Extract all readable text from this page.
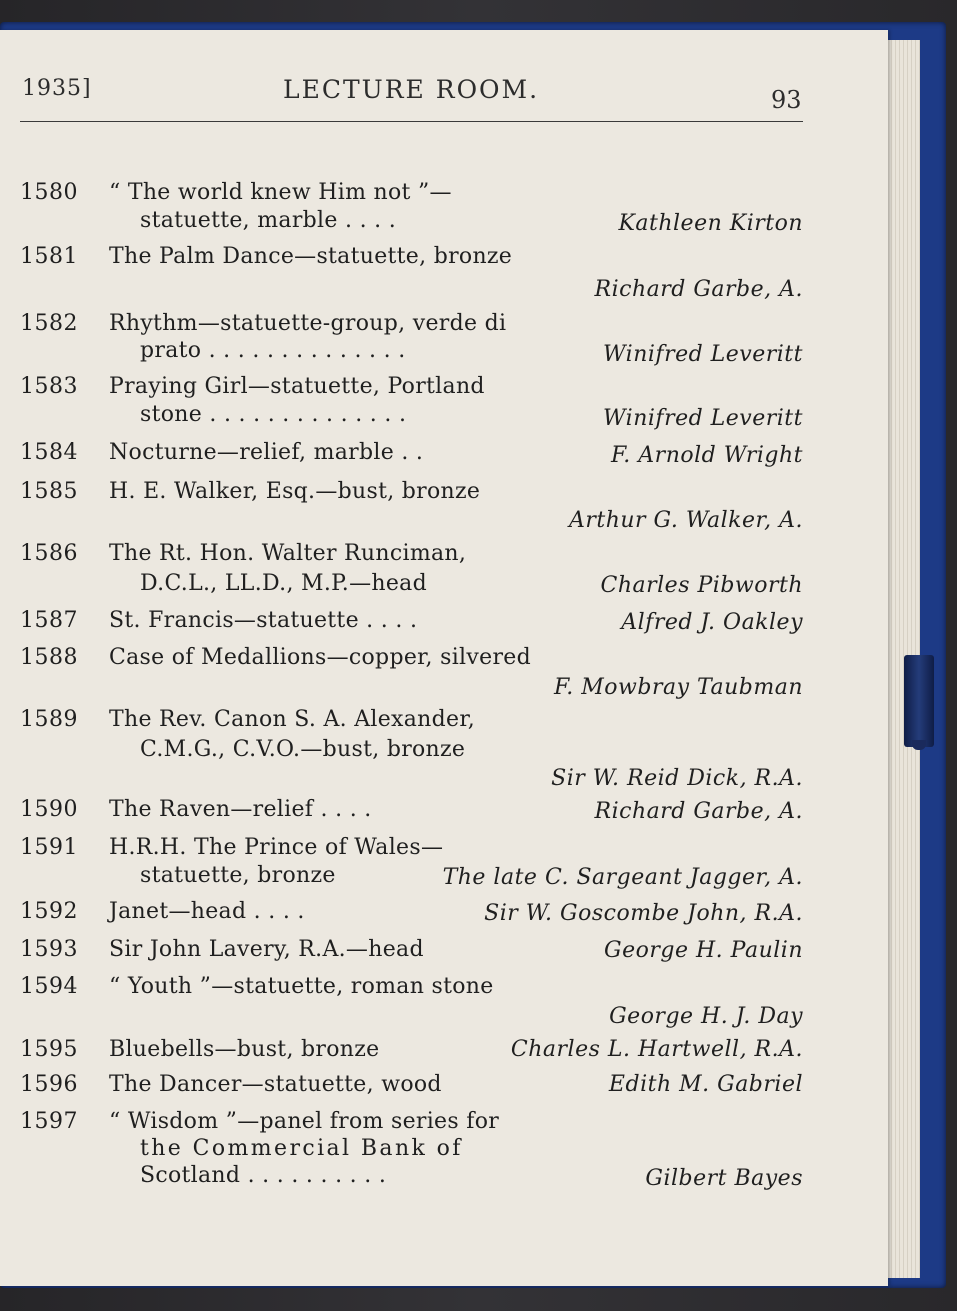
1935]	LECTURE ROOM.	93
1580 “ The world knew Him not ”—
statuette, marble . . . .	Kathleen Kirton
1581 The Palm Dance—statuette, bronze
Richard Garbe, A.
1582 Rhythm—statuette-group, verde di
prato . . . . . . . . . . . . . .	Winifred Leveritt
1583 Praying Girl—statuette, Portland
stone . . . . . . . . . . . . . .	Winifred Leveritt
1584 Nocturne—relief, marble . .	F. Arnold Wright
1585 H. E. Walker, Esq.—bust, bronze
Arthur G. Walker, A.
1586 The Rt. Hon. Walter Runciman,
D.C.L., LL.D., M.P.—head	Charles Pibworth
1587 St. Francis—statuette . . . .	Alfred J. Oakley
1588 Case of Medallions—copper, silvered
F. Mowbray Taubman
1589 The Rev. Canon S. A. Alexander,
C.M.G., C.V.O.—bust, bronze
Sir W. Reid Dick, R.A.
1590 The Raven—relief . . . .	Richard Garbe, A.
1591 H.R.H. The Prince of Wales—
statuette, bronze	The late C. Sargeant Jagger, A.
1592 Janet—head . . . .	Sir W. Goscombe John, R.A.
1593 Sir John Lavery, R.A.—head	George H. Paulin
1594 “ Youth ”—statuette, roman stone
George H. J. Day
1595 Bluebells—bust, bronze	Charles L. Hartwell, R.A.
1596 The Dancer—statuette, wood	Edith M. Gabriel
1597 “ Wisdom ”—panel from series for
the Commercial Bank of
Scotland . . . . . . . . . .	Gilbert Bayes
